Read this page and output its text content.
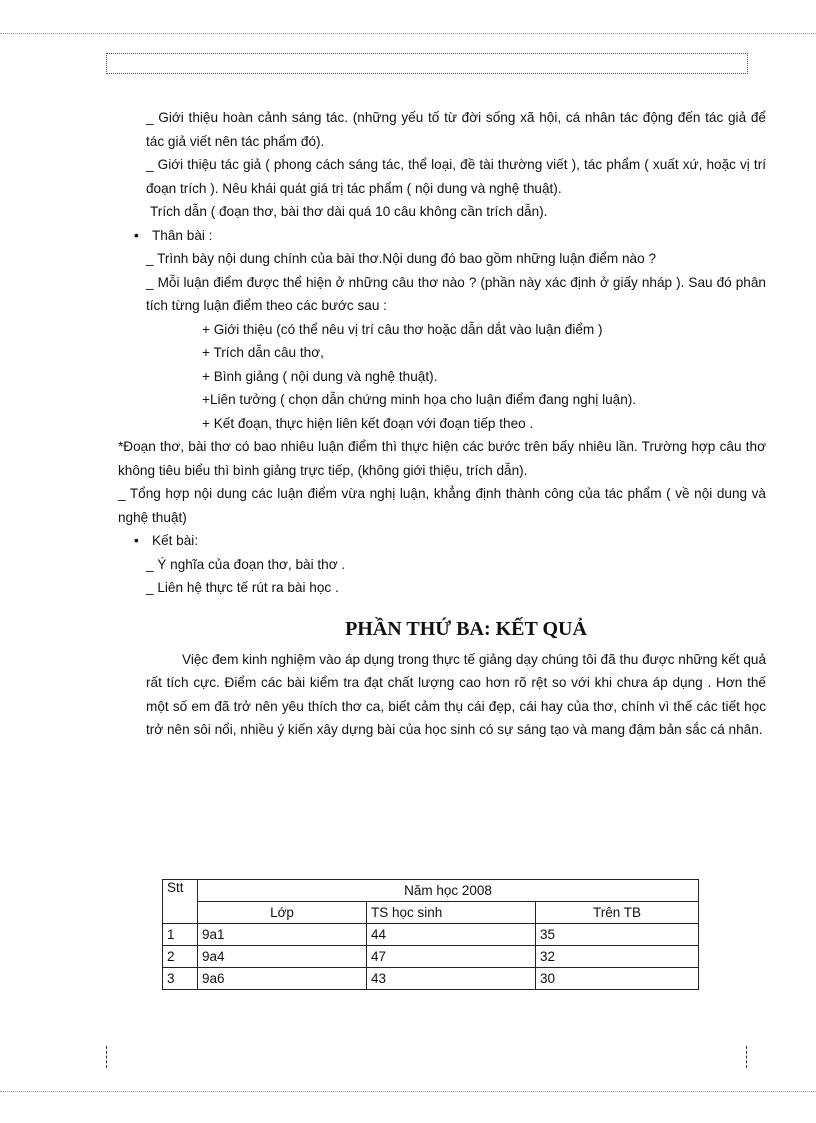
_ Giới thiệu hoàn cảnh sáng tác. (những yếu tố từ đời sống xã hội, cá nhân tác động đến tác giả để tác giả viết nên tác phẩm đó).

_ Giới thiệu tác giả ( phong cách sáng tác, thể loại, đề tài thường viết ), tác phẩm ( xuất xứ, hoặc vị trí đoạn trích ). Nêu khái quát giá trị tác phẩm ( nội dung và nghệ thuật).

Trích dẫn ( đoạn thơ, bài thơ dài quá 10 câu không cần trích dẫn).

• Thân bài :

_ Trình bày nội dung chính của bài thơ.Nội dung đó bao gồm những luận điểm nào ?

_ Mỗi luận điểm được thể hiện ở những câu thơ nào ? (phần này xác định ở giấy nháp ). Sau đó phân tích từng luận điểm theo các bước sau :

+ Giới thiệu (có thể nêu vị trí câu thơ hoặc dẫn dắt vào luận điểm )

+ Trích dẫn câu thơ,

+ Bình giảng ( nội dung và nghệ thuật).

+Liên tưởng ( chọn dẫn chứng minh họa cho luận điểm đang nghị luận).

+ Kết đoạn, thực hiện liên kết đoạn với đoạn tiếp theo .

*Đoạn thơ, bài thơ có bao nhiêu luận điểm thì thực hiện các bước trên bấy nhiêu lần. Trường hợp câu thơ không tiêu biểu thì bình giảng trực tiếp, (không giới thiệu, trích dẫn).

_ Tổng hợp nội dung các luận điểm vừa nghị luận, khẳng định thành công của tác phẩm ( về nội dung và nghệ thuật)

• Kết bài:

_ Ý nghĩa của đoạn thơ, bài thơ .

_ Liên hệ thực tế rút ra bài học .

PHẦN THỨ BA: KẾT QUẢ

Việc đem kinh nghiệm vào áp dụng trong thực tế giảng dạy chúng tôi đã thu được những kết quả rất tích cực. Điểm các bài kiểm tra đạt chất lượng cao hơn rõ rệt so với khi chưa áp dụng . Hơn thế một số em đã trở nên yêu thích thơ ca, biết cảm thụ cái đẹp, cái hay của thơ, chính vì thế các tiết học trở nên sôi nổi, nhiều ý kiến xây dựng bài của học sinh có sự sáng tạo và mang đậm bản sắc cá nhân.

Stt	Năm học 2008		
	Lớp	TS học sinh	Trên TB
1	9a1	44	35
2	9a4	47	32
3	9a6	43	30
